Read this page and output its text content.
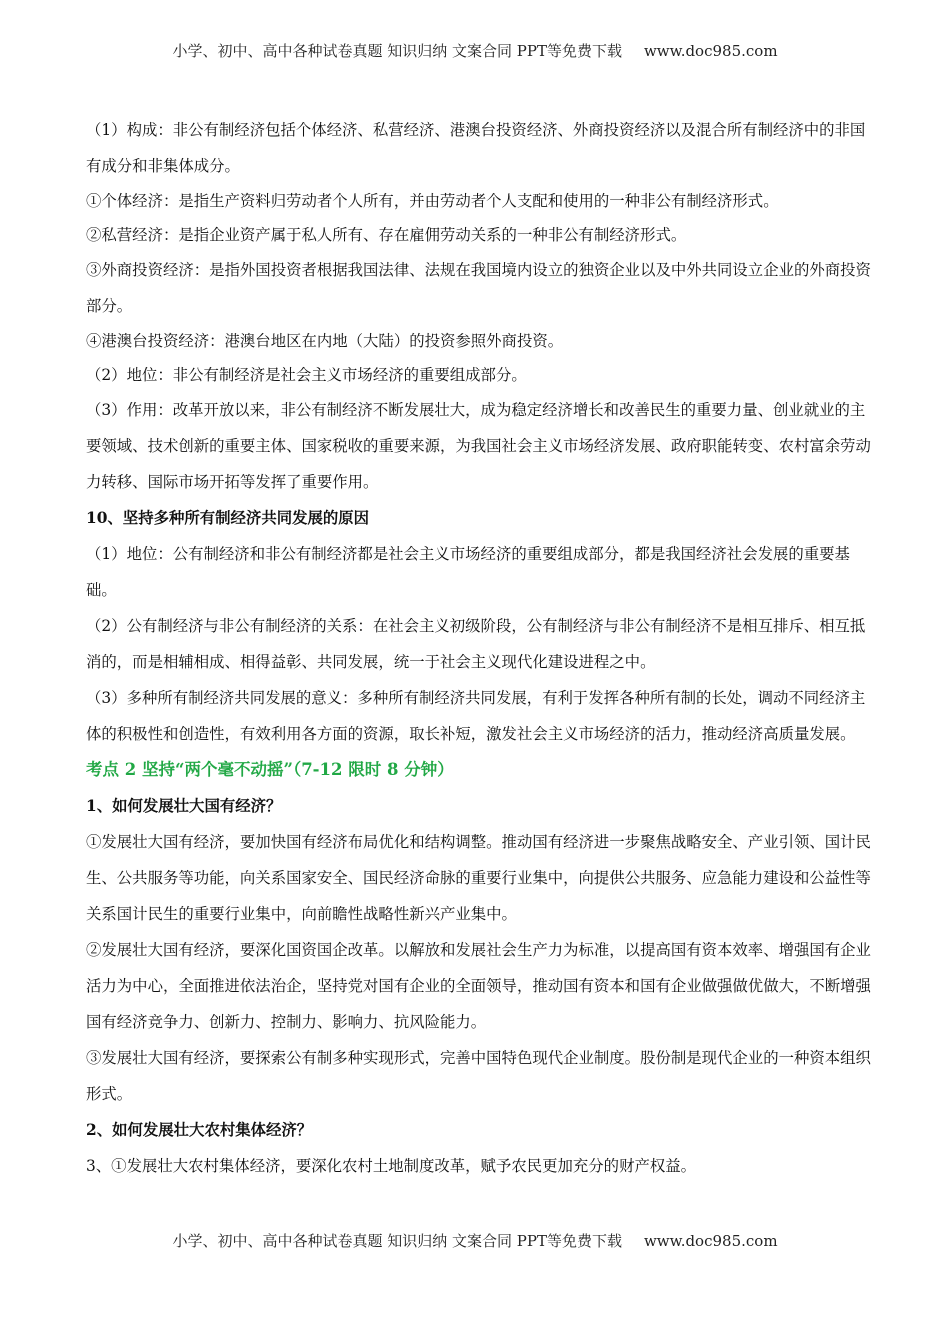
小学、初中、高中各种试卷真题 知识归纳 文案合同 PPT等免费下载 www.doc985.com

（1）构成：非公有制经济包括个体经济、私营经济、港澳台投资经济、外商投资经济以及混合所有制经济中的非国有成分和非集体成分。

①个体经济：是指生产资料归劳动者个人所有，并由劳动者个人支配和使用的一种非公有制经济形式。

②私营经济：是指企业资产属于私人所有、存在雇佣劳动关系的一种非公有制经济形式。

③外商投资经济：是指外国投资者根据我国法律、法规在我国境内设立的独资企业以及中外共同设立企业的外商投资部分。

④港澳台投资经济：港澳台地区在内地（大陆）的投资参照外商投资。

（2）地位：非公有制经济是社会主义市场经济的重要组成部分。

（3）作用：改革开放以来，非公有制经济不断发展壮大，成为稳定经济增长和改善民生的重要力量、创业就业的主要领域、技术创新的重要主体、国家税收的重要来源，为我国社会主义市场经济发展、政府职能转变、农村富余劳动力转移、国际市场开拓等发挥了重要作用。

10、坚持多种所有制经济共同发展的原因

（1）地位：公有制经济和非公有制经济都是社会主义市场经济的重要组成部分，都是我国经济社会发展的重要基础。

（2）公有制经济与非公有制经济的关系：在社会主义初级阶段，公有制经济与非公有制经济不是相互排斥、相互抵消的，而是相辅相成、相得益彰、共同发展，统一于社会主义现代化建设进程之中。

（3）多种所有制经济共同发展的意义：多种所有制经济共同发展，有利于发挥各种所有制的长处，调动不同经济主体的积极性和创造性，有效利用各方面的资源，取长补短，激发社会主义市场经济的活力，推动经济高质量发展。

考点 2 坚持“两个毫不动摇”（7-12 限时 8 分钟）

1、如何发展壮大国有经济？

①发展壮大国有经济，要加快国有经济布局优化和结构调整。推动国有经济进一步聚焦战略安全、产业引领、国计民生、公共服务等功能，向关系国家安全、国民经济命脉的重要行业集中，向提供公共服务、应急能力建设和公益性等关系国计民生的重要行业集中，向前瞻性战略性新兴产业集中。

②发展壮大国有经济，要深化国资国企改革。以解放和发展社会生产力为标准，以提高国有资本效率、增强国有企业活力为中心，全面推进依法治企，坚持党对国有企业的全面领导，推动国有资本和国有企业做强做优做大，不断增强国有经济竞争力、创新力、控制力、影响力、抗风险能力。

③发展壮大国有经济，要探索公有制多种实现形式，完善中国特色现代企业制度。股份制是现代企业的一种资本组织形式。

2、如何发展壮大农村集体经济？

3、①发展壮大农村集体经济，要深化农村土地制度改革，赋予农民更加充分的财产权益。

小学、初中、高中各种试卷真题 知识归纳 文案合同 PPT等免费下载 www.doc985.com
